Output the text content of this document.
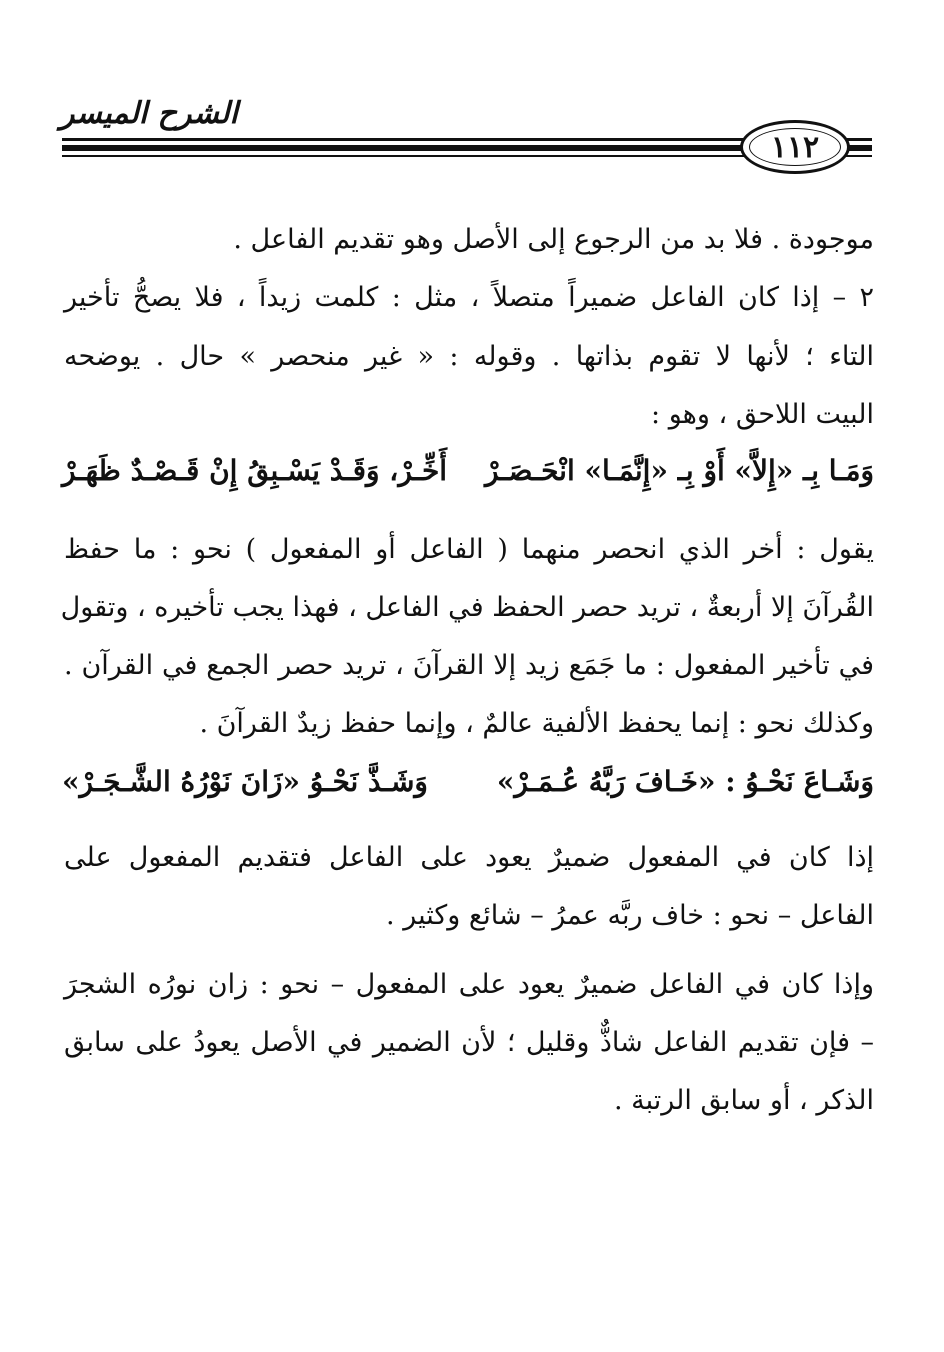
الشرح الميسر
١١٢
موجودة . فلا بد من الرجوع إلى الأصل وهو تقديم الفاعل .
٢ – إذا كان الفاعل ضميراً متصلاً ، مثل : كلمت زيداً ، فلا يصحُّ تأخير
التاء ؛ لأنها لا تقوم بذاتها . وقوله : « غير منحصر » حال . يوضحه
البيت اللاحق ، وهو :
وَمَـا بِـ «إِلاَّ» أَوْ بِـ «إِنَّمَـا» انْحَـصَـرْ
أَخِّـرْ، وَقَـدْ يَسْـبِقُ إِنْ قَـصْـدٌ ظَهَـرْ
يقول : أخر الذي انحصر منهما ( الفاعل أو المفعول ) نحو : ما حفظ
القُرآنَ إلا أربعةٌ ، تريد حصر الحفظ في الفاعل ، فهذا يجب تأخيره ، وتقول
في تأخير المفعول : ما جَمَع زيد إلا القرآنَ ، تريد حصر الجمع في القرآن .
وكذلك نحو : إنما يحفظ الألفية عالمٌ ، وإنما حفظ زيدٌ القرآنَ .
وَشَـاعَ نَحْـوُ : «خَـافَ رَبَّهُ عُـمَـرْ»
وَشَـذَّ نَحْـوُ «زَانَ نَوْرُهُ الشَّـجَـرْ»
إذا كان في المفعول ضميرٌ يعود على الفاعل فتقديم المفعول على
الفاعل – نحو : خاف ربَّه عمرُ – شائع وكثير .
وإذا كان في الفاعل ضميرٌ يعود على المفعول – نحو : زان نورُه الشجرَ
– فإن تقديم الفاعل شاذٌّ وقليل ؛ لأن الضمير في الأصل يعودُ على سابق
الذكر ، أو سابق الرتبة .
